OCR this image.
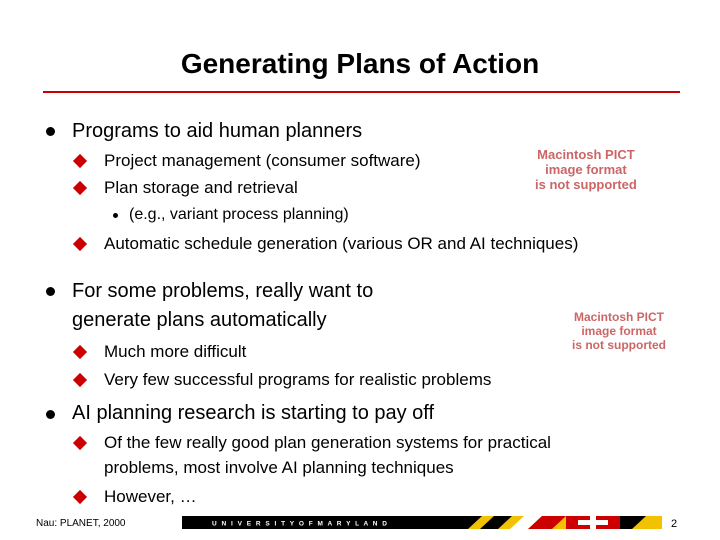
Generating Plans of Action
Programs to aid human planners
Project management (consumer software)
Plan storage and retrieval
(e.g., variant process planning)
Automatic schedule generation (various OR and AI techniques)
Macintosh PICT
image format
is not supported
For some problems, really want to
generate plans automatically
Much more difficult
Very few successful programs for realistic problems
Macintosh PICT
image format
is not supported
AI planning research is starting to pay off
Of the few really good plan generation systems for practical
problems, most involve AI planning techniques
However, …
Nau: PLANET, 2000	U N I V E R S I T Y O F M A R Y L A N D	2
